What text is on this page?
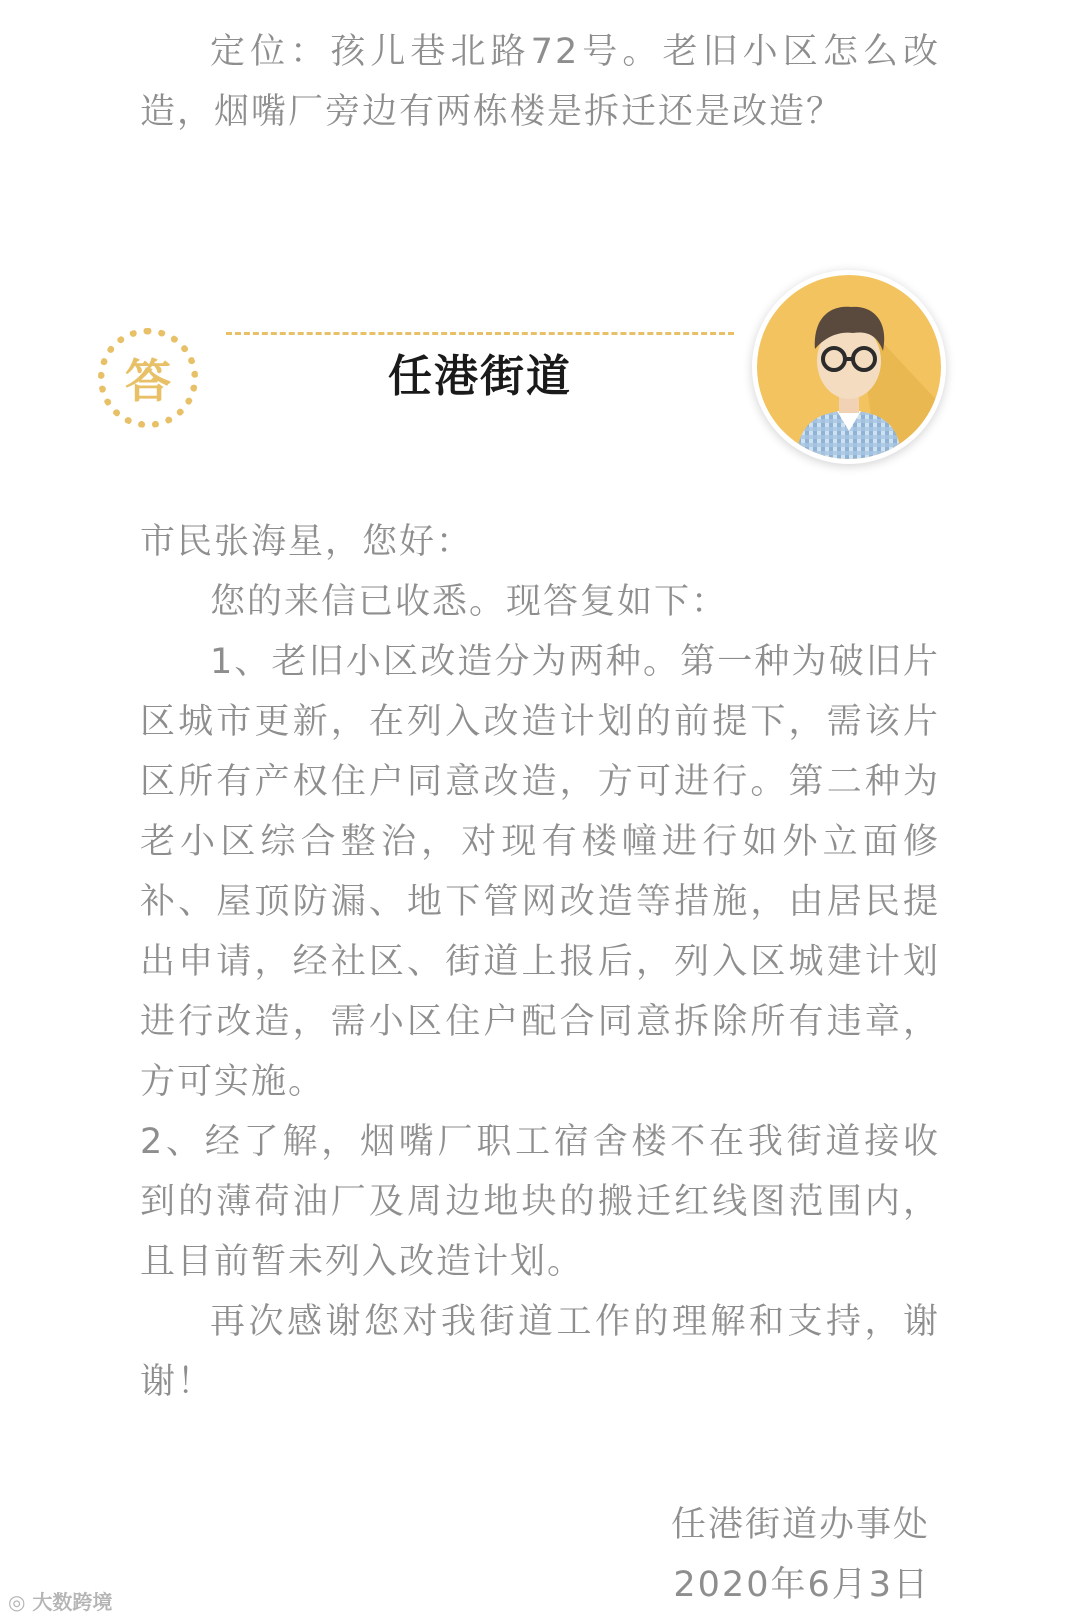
定位：孩儿巷北路72号。老旧小区怎么改造，烟嘴厂旁边有两栋楼是拆迁还是改造？

答	任港街道

市民张海星，您好：

您的来信已收悉。现答复如下：

1、老旧小区改造分为两种。第一种为破旧片区城市更新，在列入改造计划的前提下，需该片区所有产权住户同意改造，方可进行。第二种为老小区综合整治，对现有楼幢进行如外立面修补、屋顶防漏、地下管网改造等措施，由居民提出申请，经社区、街道上报后，列入区城建计划进行改造，需小区住户配合同意拆除所有违章，方可实施。

2、经了解，烟嘴厂职工宿舍楼不在我街道接收到的薄荷油厂及周边地块的搬迁红线图范围内，且目前暂未列入改造计划。

再次感谢您对我街道工作的理解和支持，谢谢！

任港街道办事处

2020年6月3日

◎ 大数跨境
